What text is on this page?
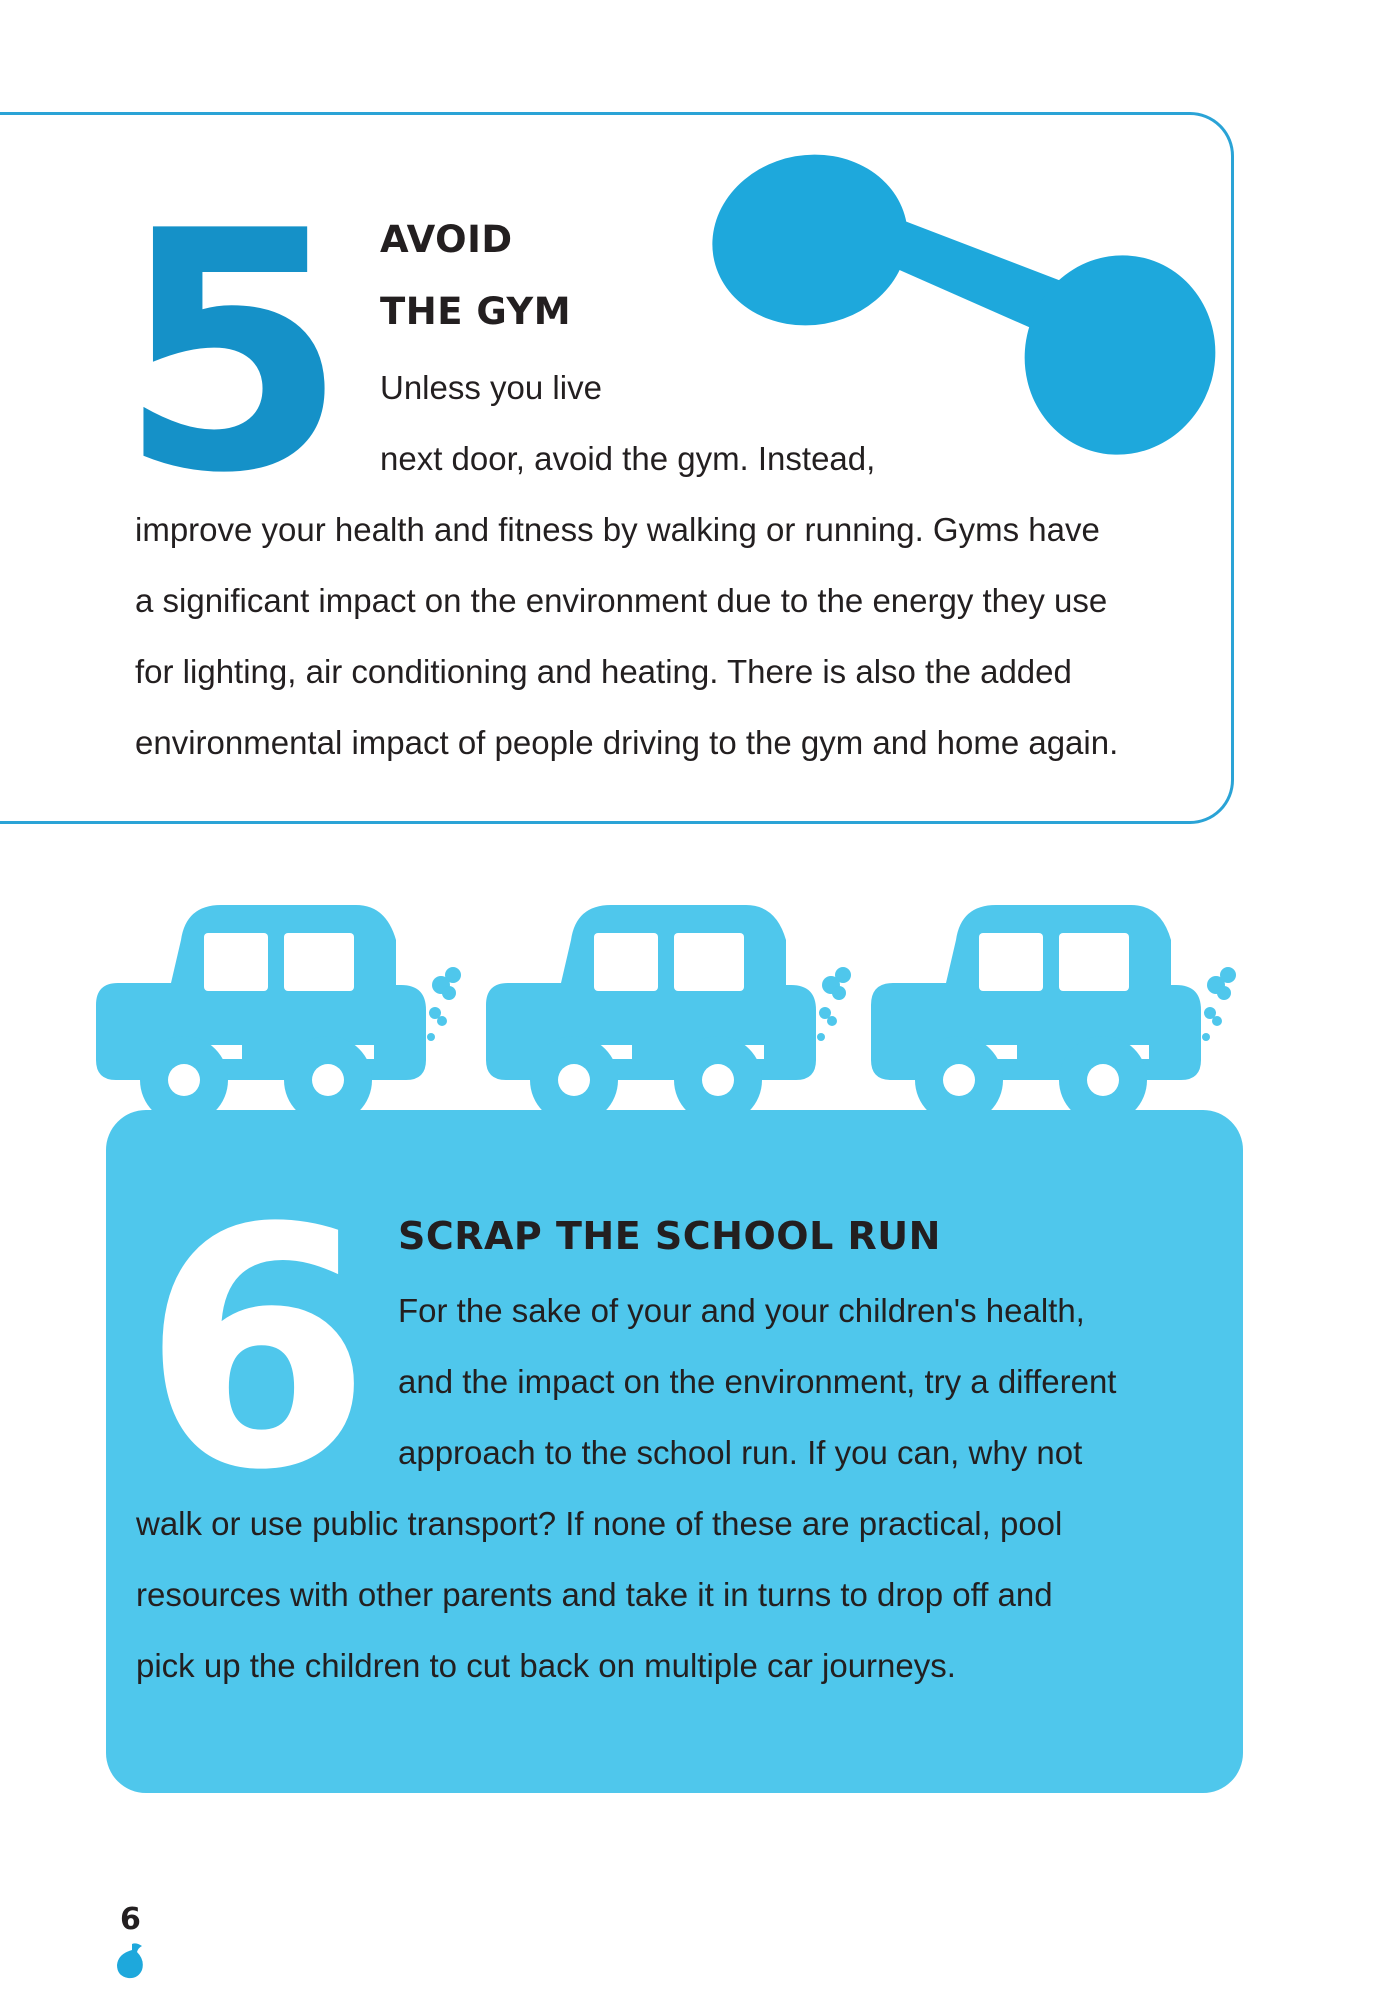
5 AVOID
THE GYM
Unless you live
next door, avoid the gym. Instead,
improve your health and fitness by walking or running. Gyms have
a significant impact on the environment due to the energy they use
for lighting, air conditioning and heating. There is also the added
environmental impact of people driving to the gym and home again.
6 SCRAP THE SCHOOL RUN
For the sake of your and your children's health,
and the impact on the environment, try a different
approach to the school run. If you can, why not
walk or use public transport? If none of these are practical, pool
resources with other parents and take it in turns to drop off and
pick up the children to cut back on multiple car journeys.
6
